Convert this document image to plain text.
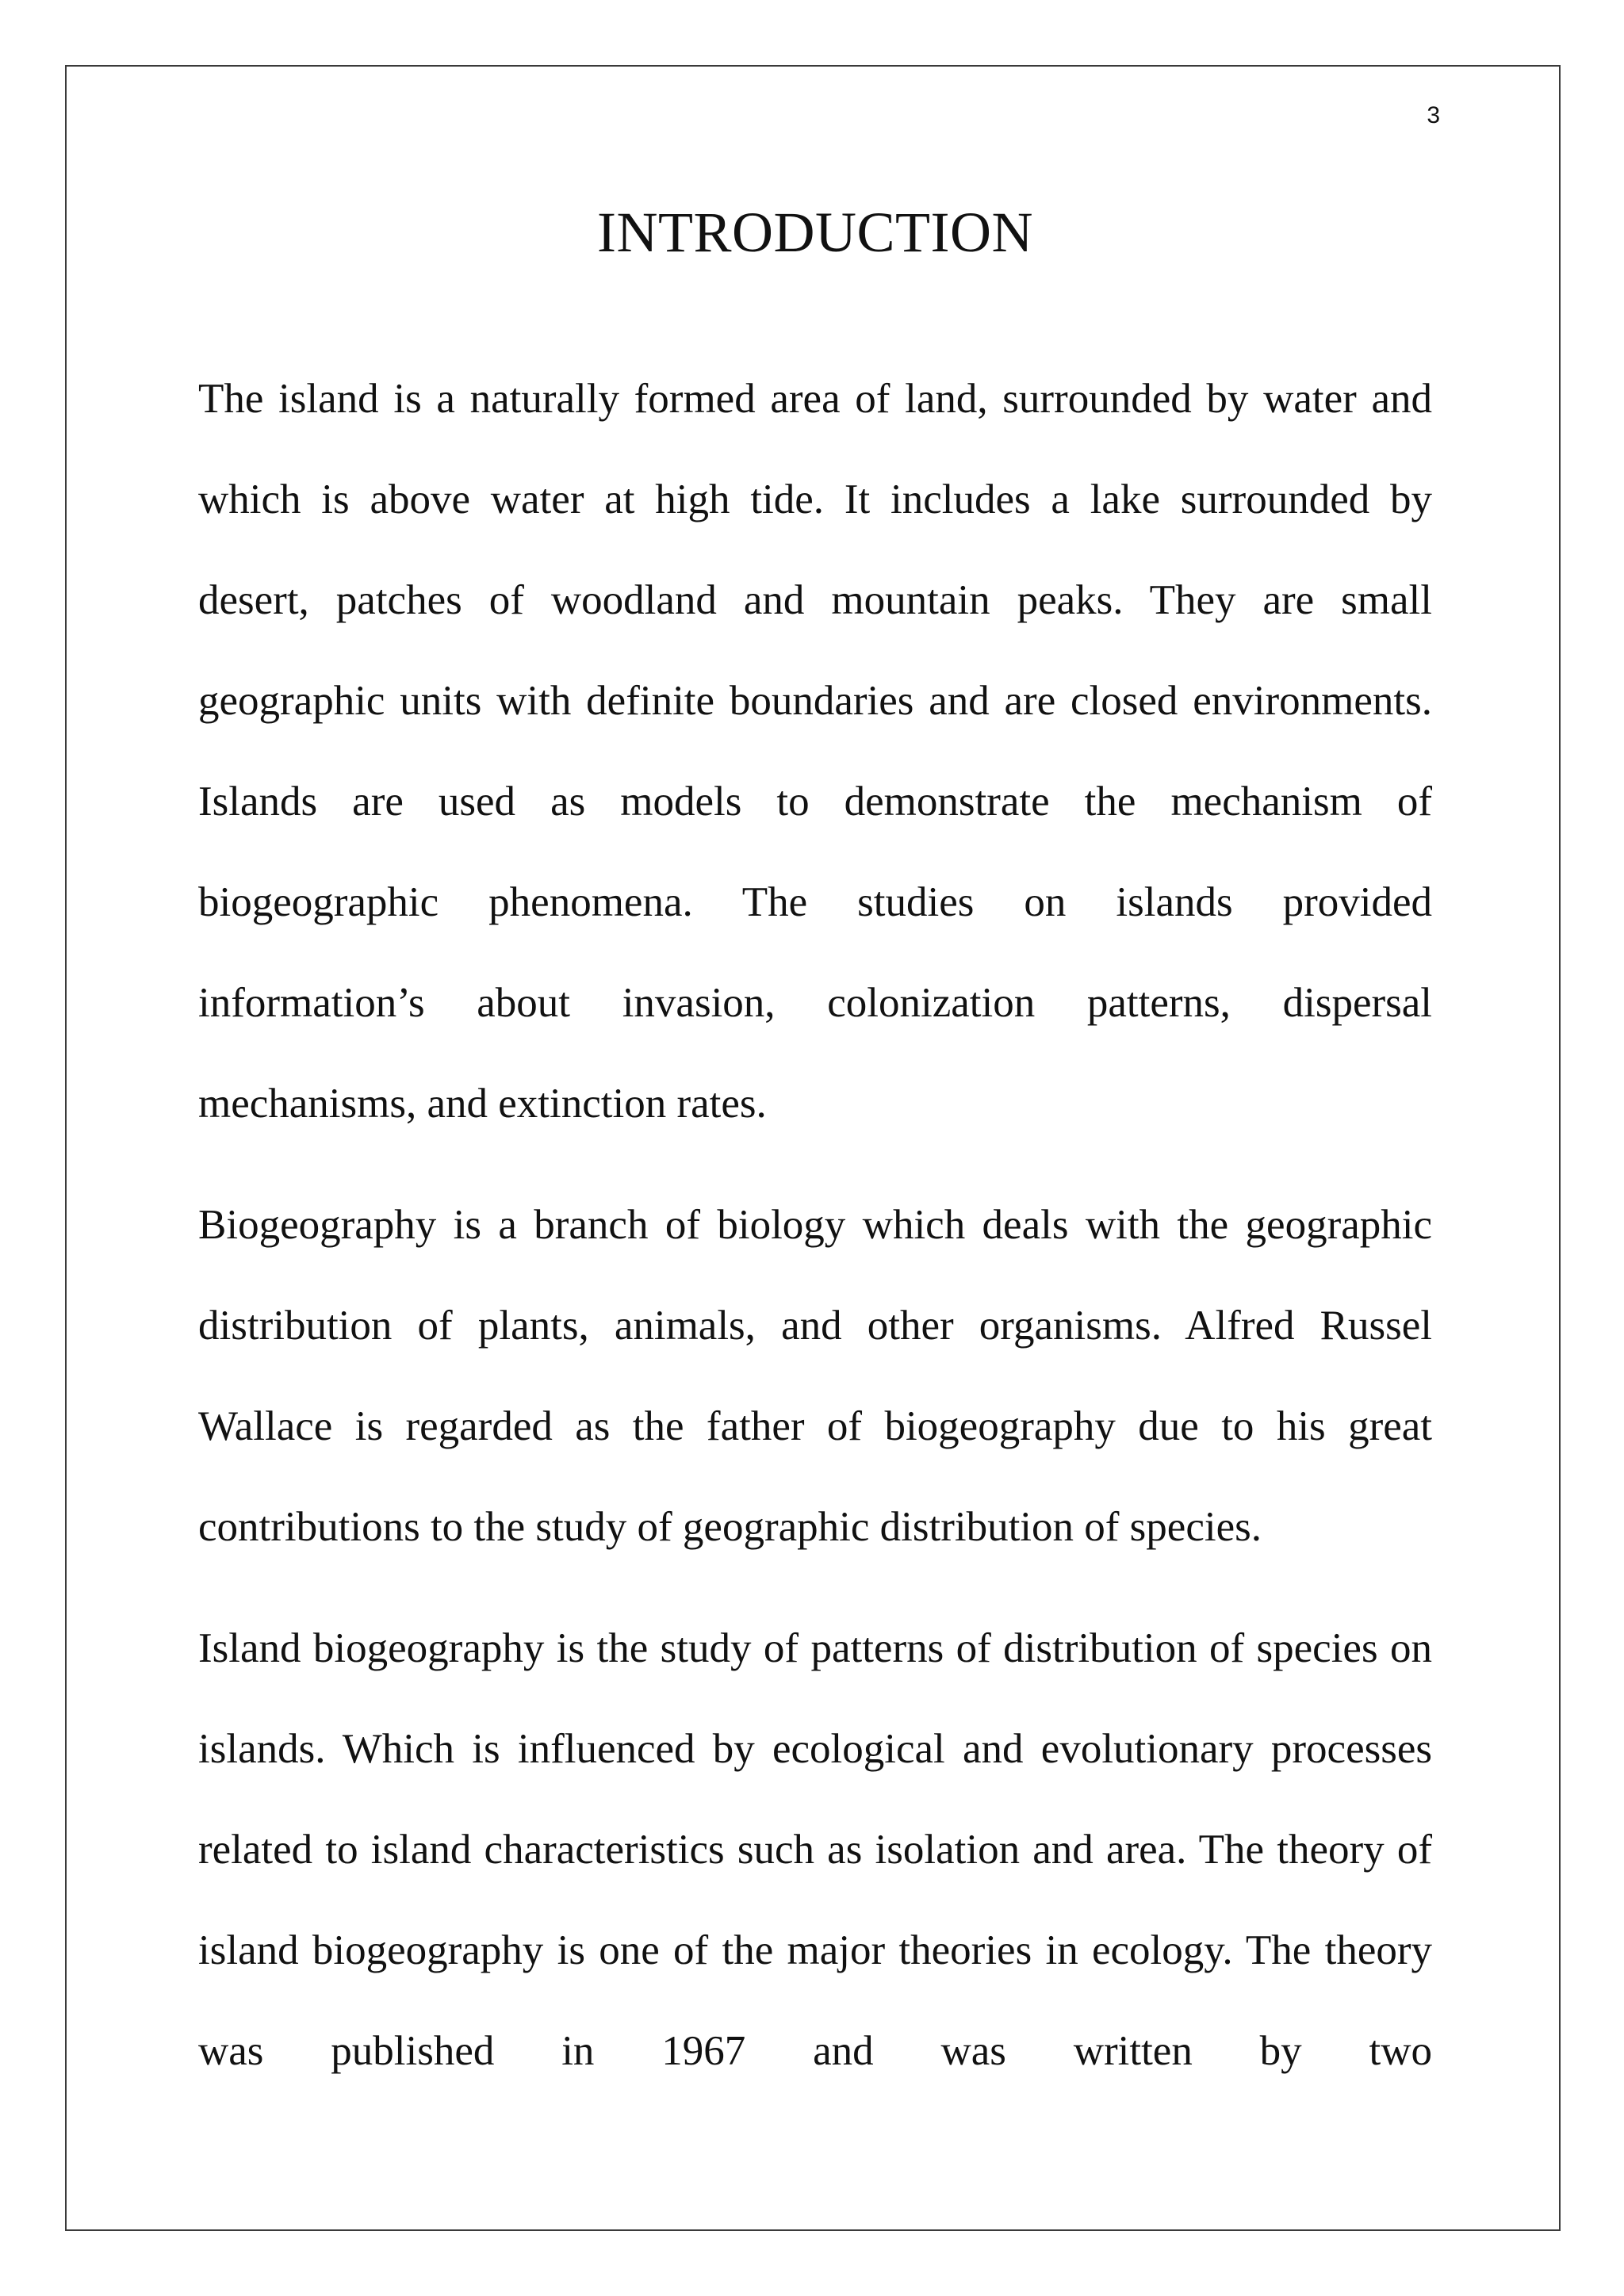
3
INTRODUCTION

The island is a naturally formed area of land, surrounded by water and which is above water at high tide. It includes a lake surrounded by desert, patches of woodland and mountain peaks. They are small geographic units with definite boundaries and are closed environments. Islands are used as models to demonstrate the mechanism of biogeographic phenomena. The studies on islands provided information’s about invasion, colonization patterns, dispersal mechanisms, and extinction rates.

Biogeography is a branch of biology which deals with the geographic distribution of plants, animals, and other organisms. Alfred Russel Wallace is regarded as the father of biogeography due to his great contributions to the study of geographic distribution of species.

Island biogeography is the study of patterns of distribution of species on islands. Which is influenced by ecological and evolutionary processes related to island characteristics such as isolation and area. The theory of island biogeography is one of the major theories in ecology. The theory was published in 1967 and was written by two
